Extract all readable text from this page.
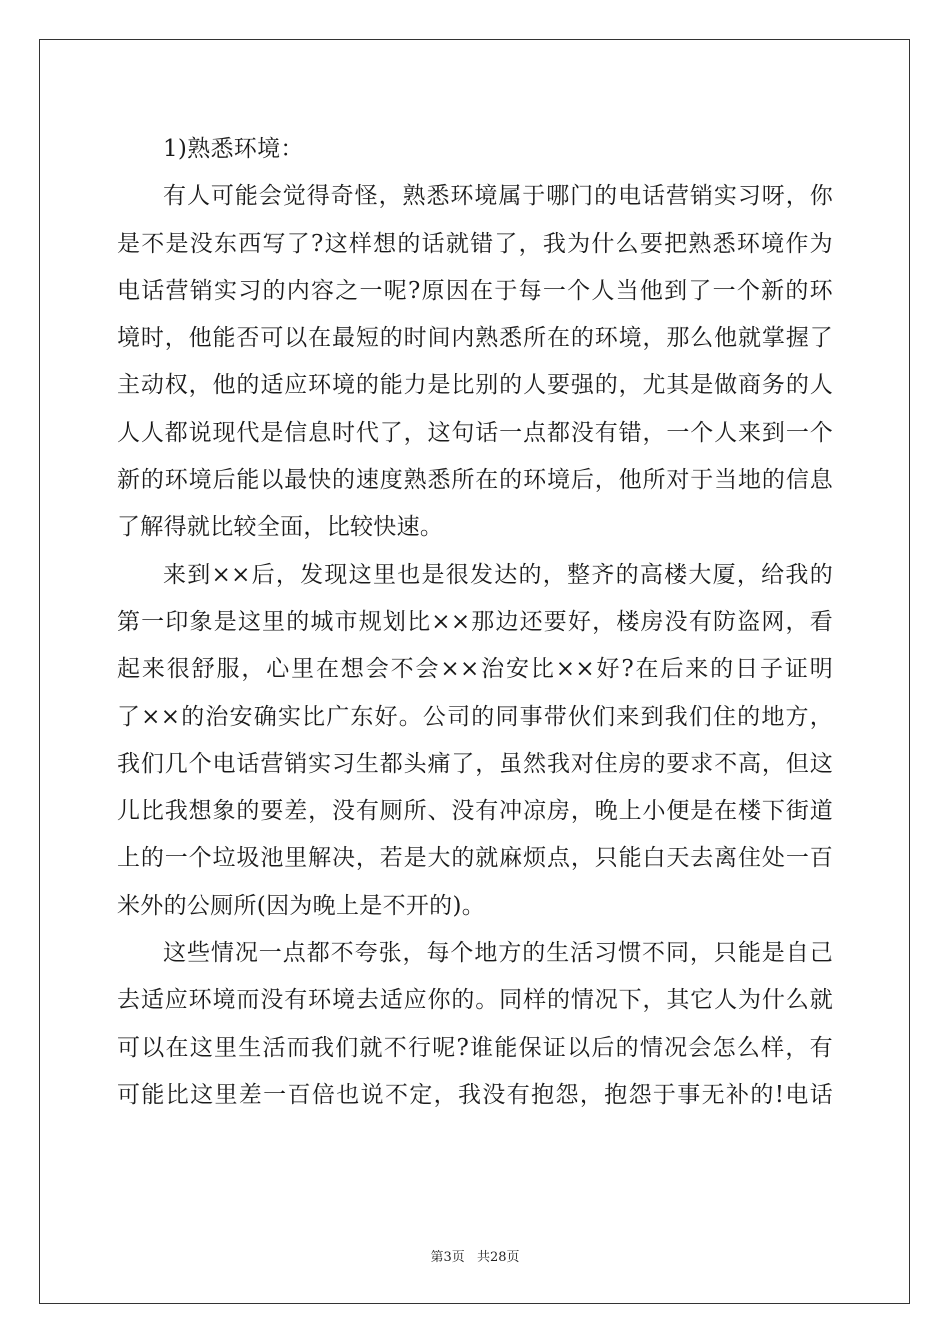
1)熟悉环境：
有人可能会觉得奇怪，熟悉环境属于哪门的电话营销实习呀，你
是不是没东西写了?这样想的话就错了，我为什么要把熟悉环境作为
电话营销实习的内容之一呢?原因在于每一个人当他到了一个新的环
境时，他能否可以在最短的时间内熟悉所在的环境，那么他就掌握了
主动权，他的适应环境的能力是比别的人要强的，尤其是做商务的人
人人都说现代是信息时代了，这句话一点都没有错，一个人来到一个
新的环境后能以最快的速度熟悉所在的环境后，他所对于当地的信息
了解得就比较全面，比较快速。
来到××后，发现这里也是很发达的，整齐的高楼大厦，给我的
第一印象是这里的城市规划比××那边还要好，楼房没有防盗网，看
起来很舒服，心里在想会不会××治安比××好?在后来的日子证明
了××的治安确实比广东好。公司的同事带伙们来到我们住的地方，
我们几个电话营销实习生都头痛了，虽然我对住房的要求不高，但这
儿比我想象的要差，没有厕所、没有冲凉房，晚上小便是在楼下街道
上的一个垃圾池里解决，若是大的就麻烦点，只能白天去离住处一百
米外的公厕所(因为晚上是不开的)。
这些情况一点都不夸张，每个地方的生活习惯不同，只能是自己
去适应环境而没有环境去适应你的。同样的情况下，其它人为什么就
可以在这里生活而我们就不行呢?谁能保证以后的情况会怎么样，有
可能比这里差一百倍也说不定，我没有抱怨，抱怨于事无补的!电话
第3页 共28页
